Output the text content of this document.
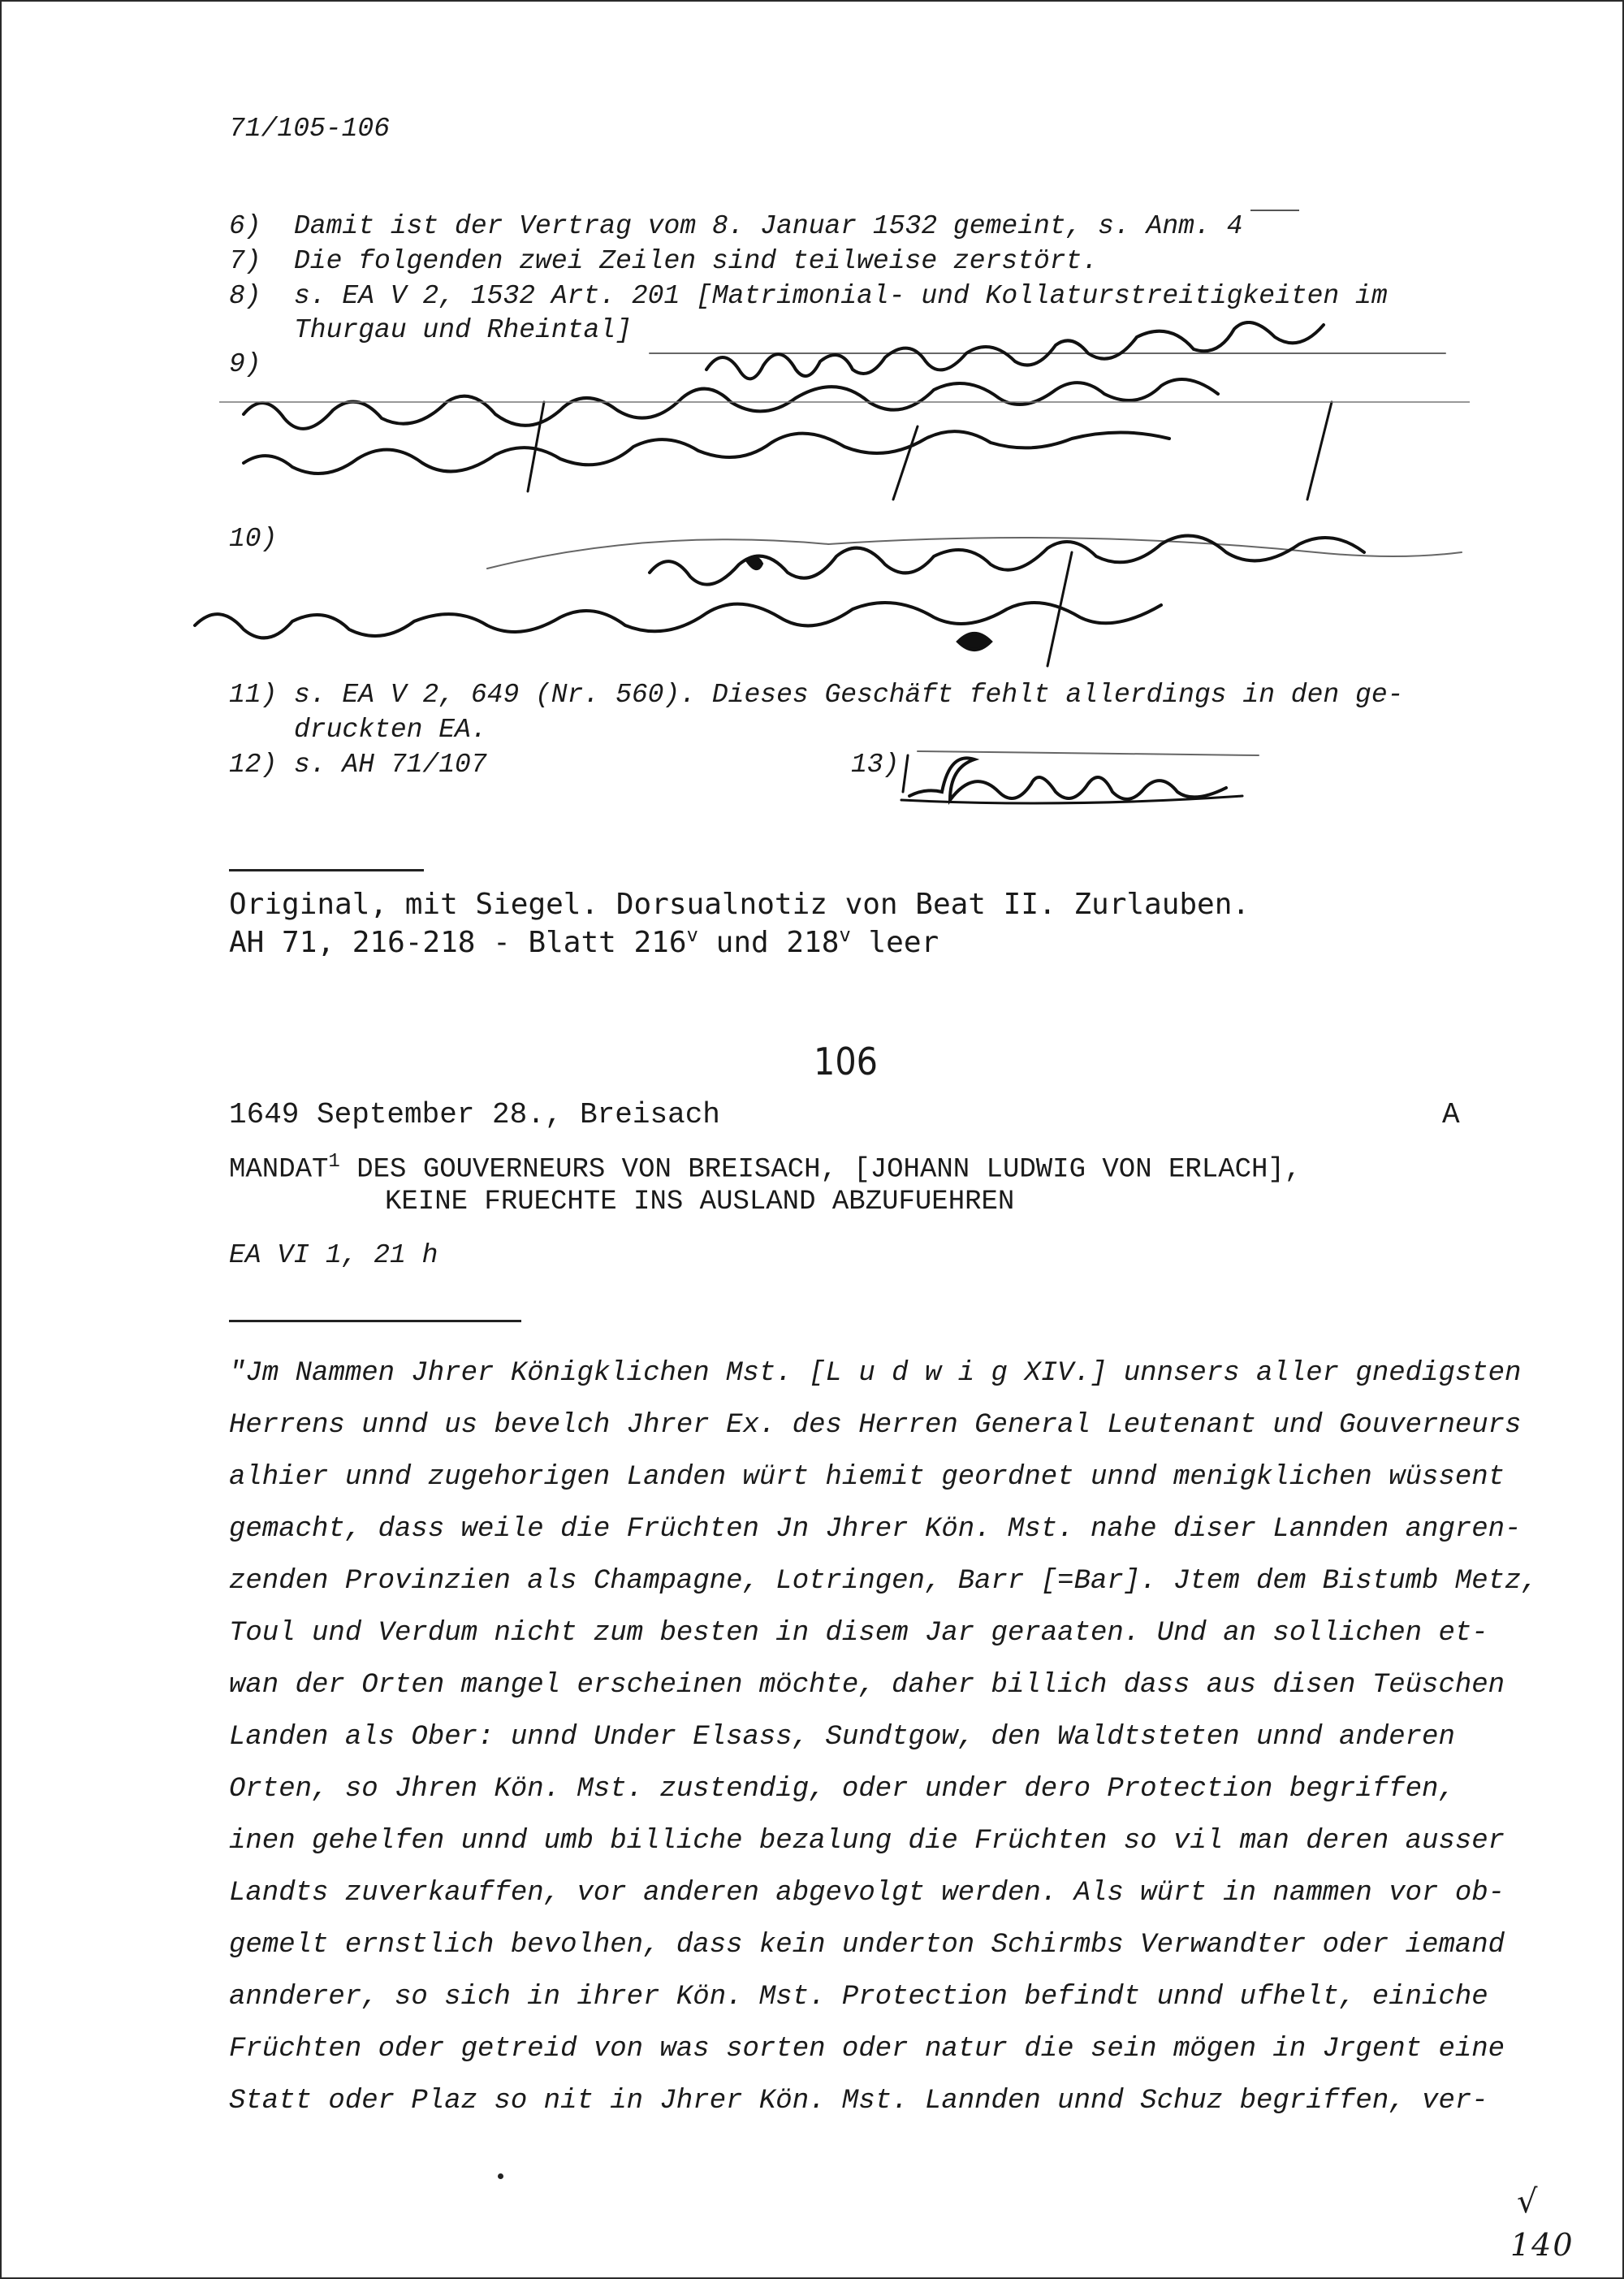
71/105-106
6) Damit ist der Vertrag vom 8. Januar 1532 gemeint, s. Anm. 4
7) Die folgenden zwei Zeilen sind teilweise zerstört.
8) s. EA V 2, 1532 Art. 201 [Matrimonial- und Kollaturstreitigkeiten im
Thurgau und Rheintal]
9)
10)
11) s. EA V 2, 649 (Nr. 560). Dieses Geschäft fehlt allerdings in den ge-
druckten EA.
12) s. AH 71/107	13)
Original, mit Siegel. Dorsualnotiz von Beat II. Zurlauben.
AH 71, 216-218 - Blatt 216$^v$ und 218$^v$ leer
106
1649 September 28., Breisach	A
MANDAT$^1$ DES GOUVERNEURS VON BREISACH, [JOHANN LUDWIG VON ERLACH],
KEINE FRUECHTE INS AUSLAND ABZUFUEHREN
EA VI 1, 21 h
"Jm Nammen Jhrer Königklichen Mst. [L u d w i g XIV.] unnsers aller gnedigsten
Herrens unnd us bevelch Jhrer Ex. des Herren General Leutenant und Gouverneurs
alhier unnd zugehorigen Landen würt hiemit geordnet unnd menigklichen wüssent
gemacht, dass weile die Früchten Jn Jhrer Kön. Mst. nahe diser Lannden angren-
zenden Provinzien als Champagne, Lotringen, Barr [=Bar]. Jtem dem Bistumb Metz,
Toul und Verdum nicht zum besten in disem Jar geraaten. Und an sollichen et-
wan der Orten mangel erscheinen möchte, daher billich dass aus disen Teüschen
Landen als Ober: unnd Under Elsass, Sundtgow, den Waldtsteten unnd anderen
Orten, so Jhren Kön. Mst. zustendig, oder under dero Protection begriffen,
inen gehelfen unnd umb billiche bezalung die Früchten so vil man deren ausser
Landts zuverkauffen, vor anderen abgevolgt werden. Als würt in nammen vor ob-
gemelt ernstlich bevolhen, dass kein underton Schirmbs Verwandter oder iemand
annderer, so sich in ihrer Kön. Mst. Protection befindt unnd ufhelt, einiche
Früchten oder getreid von was sorten oder natur die sein mögen in Jrgent eine
Statt oder Plaz so nit in Jhrer Kön. Mst. Lannden unnd Schuz begriffen, ver-
√
140
